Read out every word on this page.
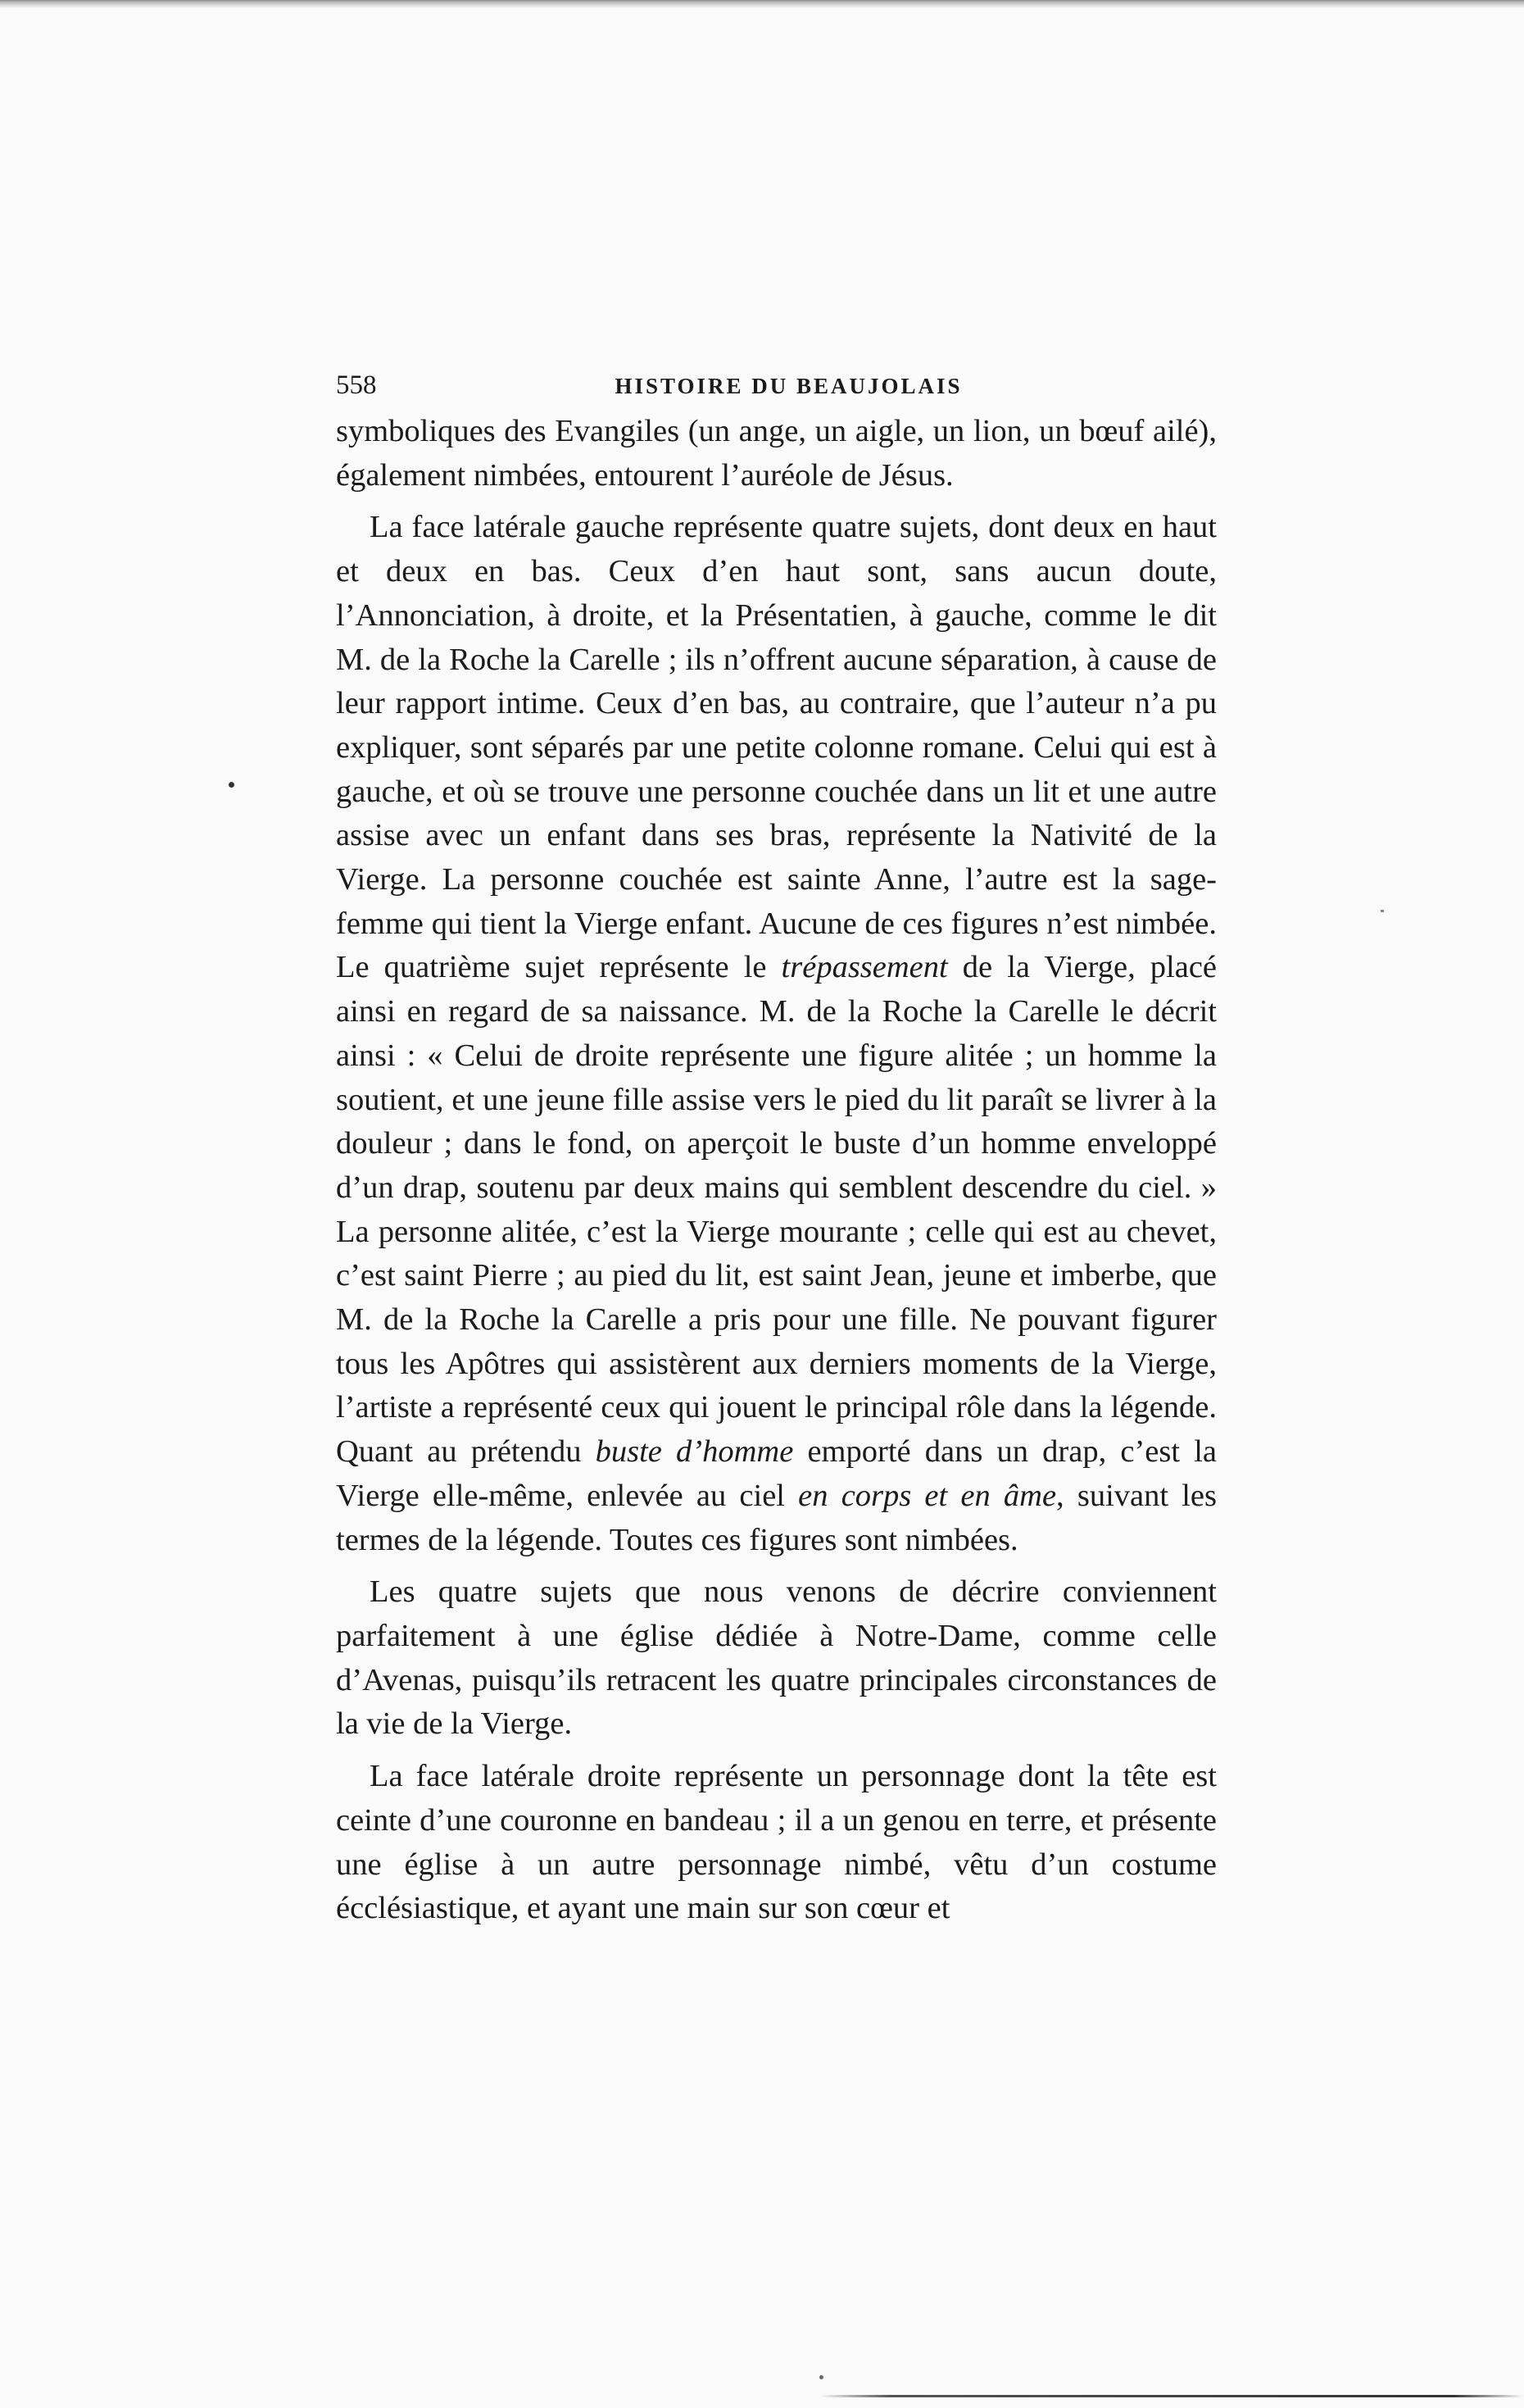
558	HISTOIRE DU BEAUJOLAIS

symboliques des Evangiles (un ange, un aigle, un lion, un bœuf ailé), également nimbées, entourent l’auréole de Jésus.

La face latérale gauche représente quatre sujets, dont deux en haut et deux en bas. Ceux d’en haut sont, sans aucun doute, l’Annonciation, à droite, et la Présentatien, à gauche, comme le dit M. de la Roche la Carelle ; ils n’offrent aucune séparation, à cause de leur rapport intime. Ceux d’en bas, au contraire, que l’auteur n’a pu expliquer, sont séparés par une petite colonne romane. Celui qui est à gauche, et où se trouve une personne couchée dans un lit et une autre assise avec un enfant dans ses bras, représente la Nativité de la Vierge. La personne couchée est sainte Anne, l’autre est la sage-femme qui tient la Vierge enfant. Aucune de ces figures n’est nimbée. Le quatrième sujet représente le trépassement de la Vierge, placé ainsi en regard de sa naissance. M. de la Roche la Carelle le décrit ainsi : « Celui de droite représente une figure alitée ; un homme la soutient, et une jeune fille assise vers le pied du lit paraît se livrer à la douleur ; dans le fond, on aperçoit le buste d’un homme enveloppé d’un drap, soutenu par deux mains qui semblent descendre du ciel. » La personne alitée, c’est la Vierge mourante ; celle qui est au chevet, c’est saint Pierre ; au pied du lit, est saint Jean, jeune et imberbe, que M. de la Roche la Carelle a pris pour une fille. Ne pouvant figurer tous les Apôtres qui assistèrent aux derniers moments de la Vierge, l’artiste a représenté ceux qui jouent le principal rôle dans la légende. Quant au prétendu buste d’homme emporté dans un drap, c’est la Vierge elle-même, enlevée au ciel en corps et en âme, suivant les termes de la légende. Toutes ces figures sont nimbées.

Les quatre sujets que nous venons de décrire conviennent parfaitement à une église dédiée à Notre-Dame, comme celle d’Avenas, puisqu’ils retracent les quatre principales circonstances de la vie de la Vierge.

La face latérale droite représente un personnage dont la tête est ceinte d’une couronne en bandeau ; il a un genou en terre, et présente une église à un autre personnage nimbé, vêtu d’un costume écclésiastique, et ayant une main sur son cœur et
